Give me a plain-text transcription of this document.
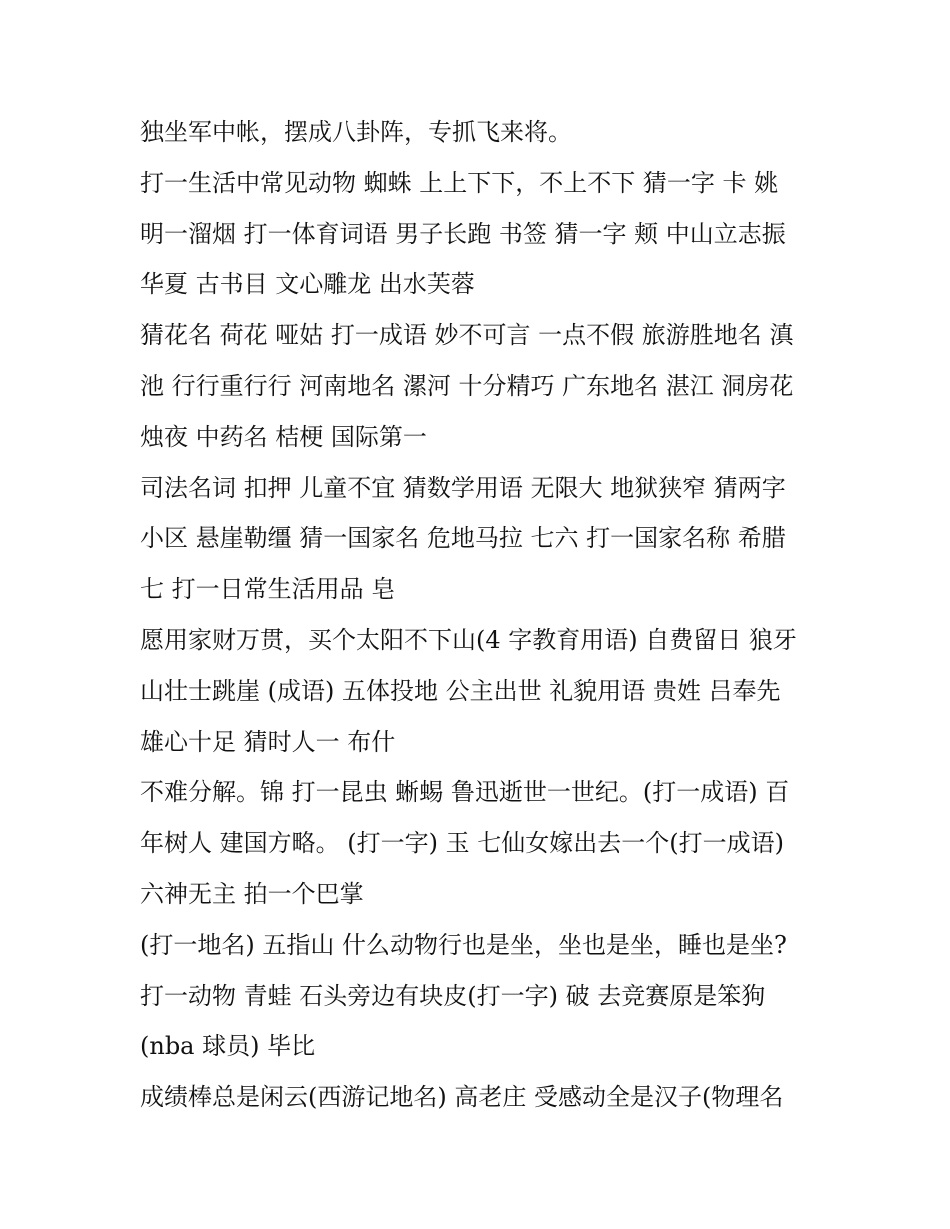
独坐军中帐，摆成八卦阵，专抓飞来将。
打一生活中常见动物 蜘蛛 上上下下，不上不下 猜一字 卡 姚
明一溜烟 打一体育词语 男子长跑 书签 猜一字 颊 中山立志振
华夏 古书目 文心雕龙 出水芙蓉
猜花名 荷花 哑姑 打一成语 妙不可言 一点不假 旅游胜地名 滇
池 行行重行行 河南地名 漯河 十分精巧 广东地名 湛江 洞房花
烛夜 中药名 桔梗 国际第一
司法名词 扣押 儿童不宜 猜数学用语 无限大 地狱狭窄 猜两字
小区 悬崖勒缰 猜一国家名 危地马拉 七六 打一国家名称 希腊
七 打一日常生活用品 皂
愿用家财万贯，买个太阳不下山(4 字教育用语) 自费留日 狼牙
山壮士跳崖 (成语) 五体投地 公主出世 礼貌用语 贵姓 吕奉先
雄心十足 猜时人一 布什
不难分解。锦 打一昆虫 蜥蜴 鲁迅逝世一世纪。(打一成语) 百
年树人 建国方略。 (打一字) 玉 七仙女嫁出去一个(打一成语)
六神无主 拍一个巴掌
(打一地名) 五指山 什么动物行也是坐，坐也是坐，睡也是坐?
打一动物 青蛙 石头旁边有块皮(打一字) 破 去竞赛原是笨狗
(nba 球员) 毕比
成绩棒总是闲云(西游记地名) 高老庄 受感动全是汉子(物理名
